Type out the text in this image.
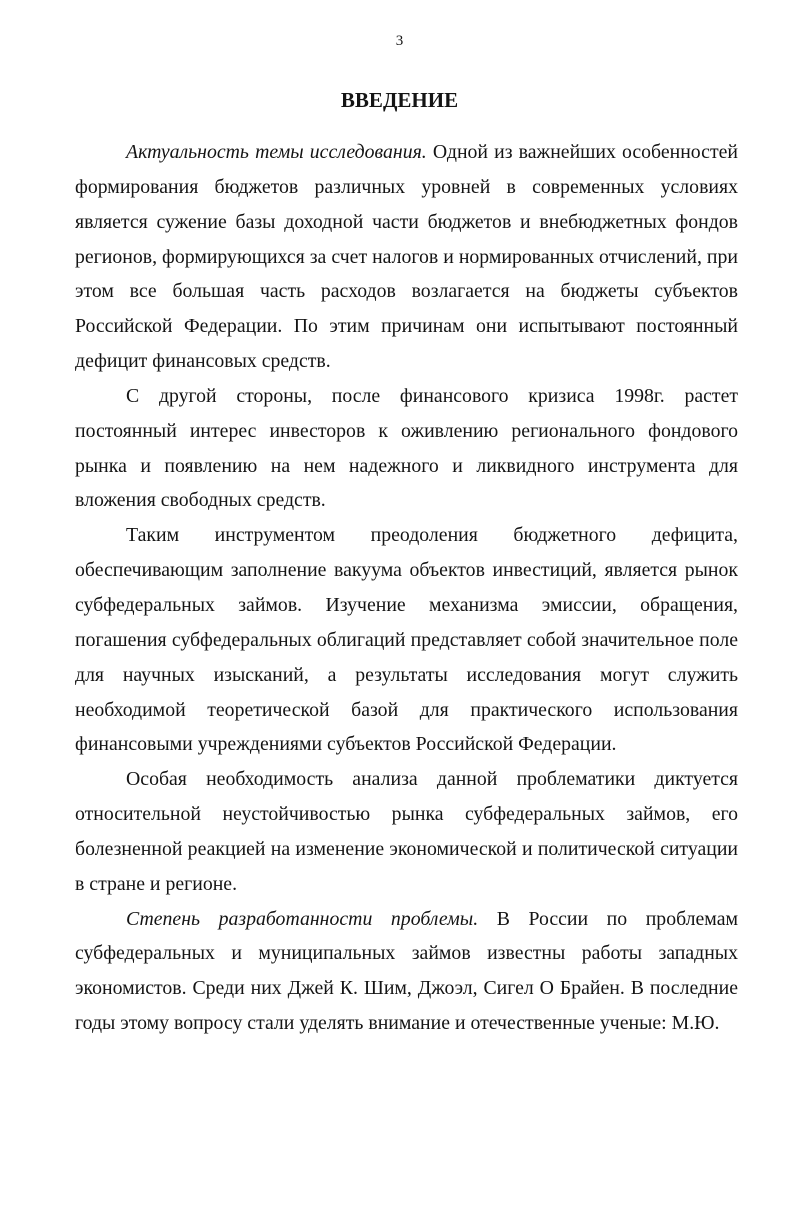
3
ВВЕДЕНИЕ

Актуальность темы исследования. Одной из важнейших особенностей формирования бюджетов различных уровней в современных условиях является сужение базы доходной части бюджетов и внебюджетных фондов регионов, формирующихся за счет налогов и нормированных отчислений, при этом все большая часть расходов возлагается на бюджеты субъектов Российской Федерации. По этим причинам они испытывают постоянный дефицит финансовых средств.

С другой стороны, после финансового кризиса 1998г. растет постоянный интерес инвесторов к оживлению регионального фондового рынка и появлению на нем надежного и ликвидного инструмента для вложения свободных средств.

Таким инструментом преодоления бюджетного дефицита, обеспечивающим заполнение вакуума объектов инвестиций, является рынок субфедеральных займов. Изучение механизма эмиссии, обращения, погашения субфедеральных облигаций представляет собой значительное поле для научных изысканий, а результаты исследования могут служить необходимой теоретической базой для практического использования финансовыми учреждениями субъектов Российской Федерации.

Особая необходимость анализа данной проблематики диктуется относительной неустойчивостью рынка субфедеральных займов, его болезненной реакцией на изменение экономической и политической ситуации в стране и регионе.

Степень разработанности проблемы. В России по проблемам субфедеральных и муниципальных займов известны работы западных экономистов. Среди них Джей К. Шим, Джоэл, Сигел О Брайен. В последние годы этому вопросу стали уделять внимание и отечественные ученые: М.Ю.
